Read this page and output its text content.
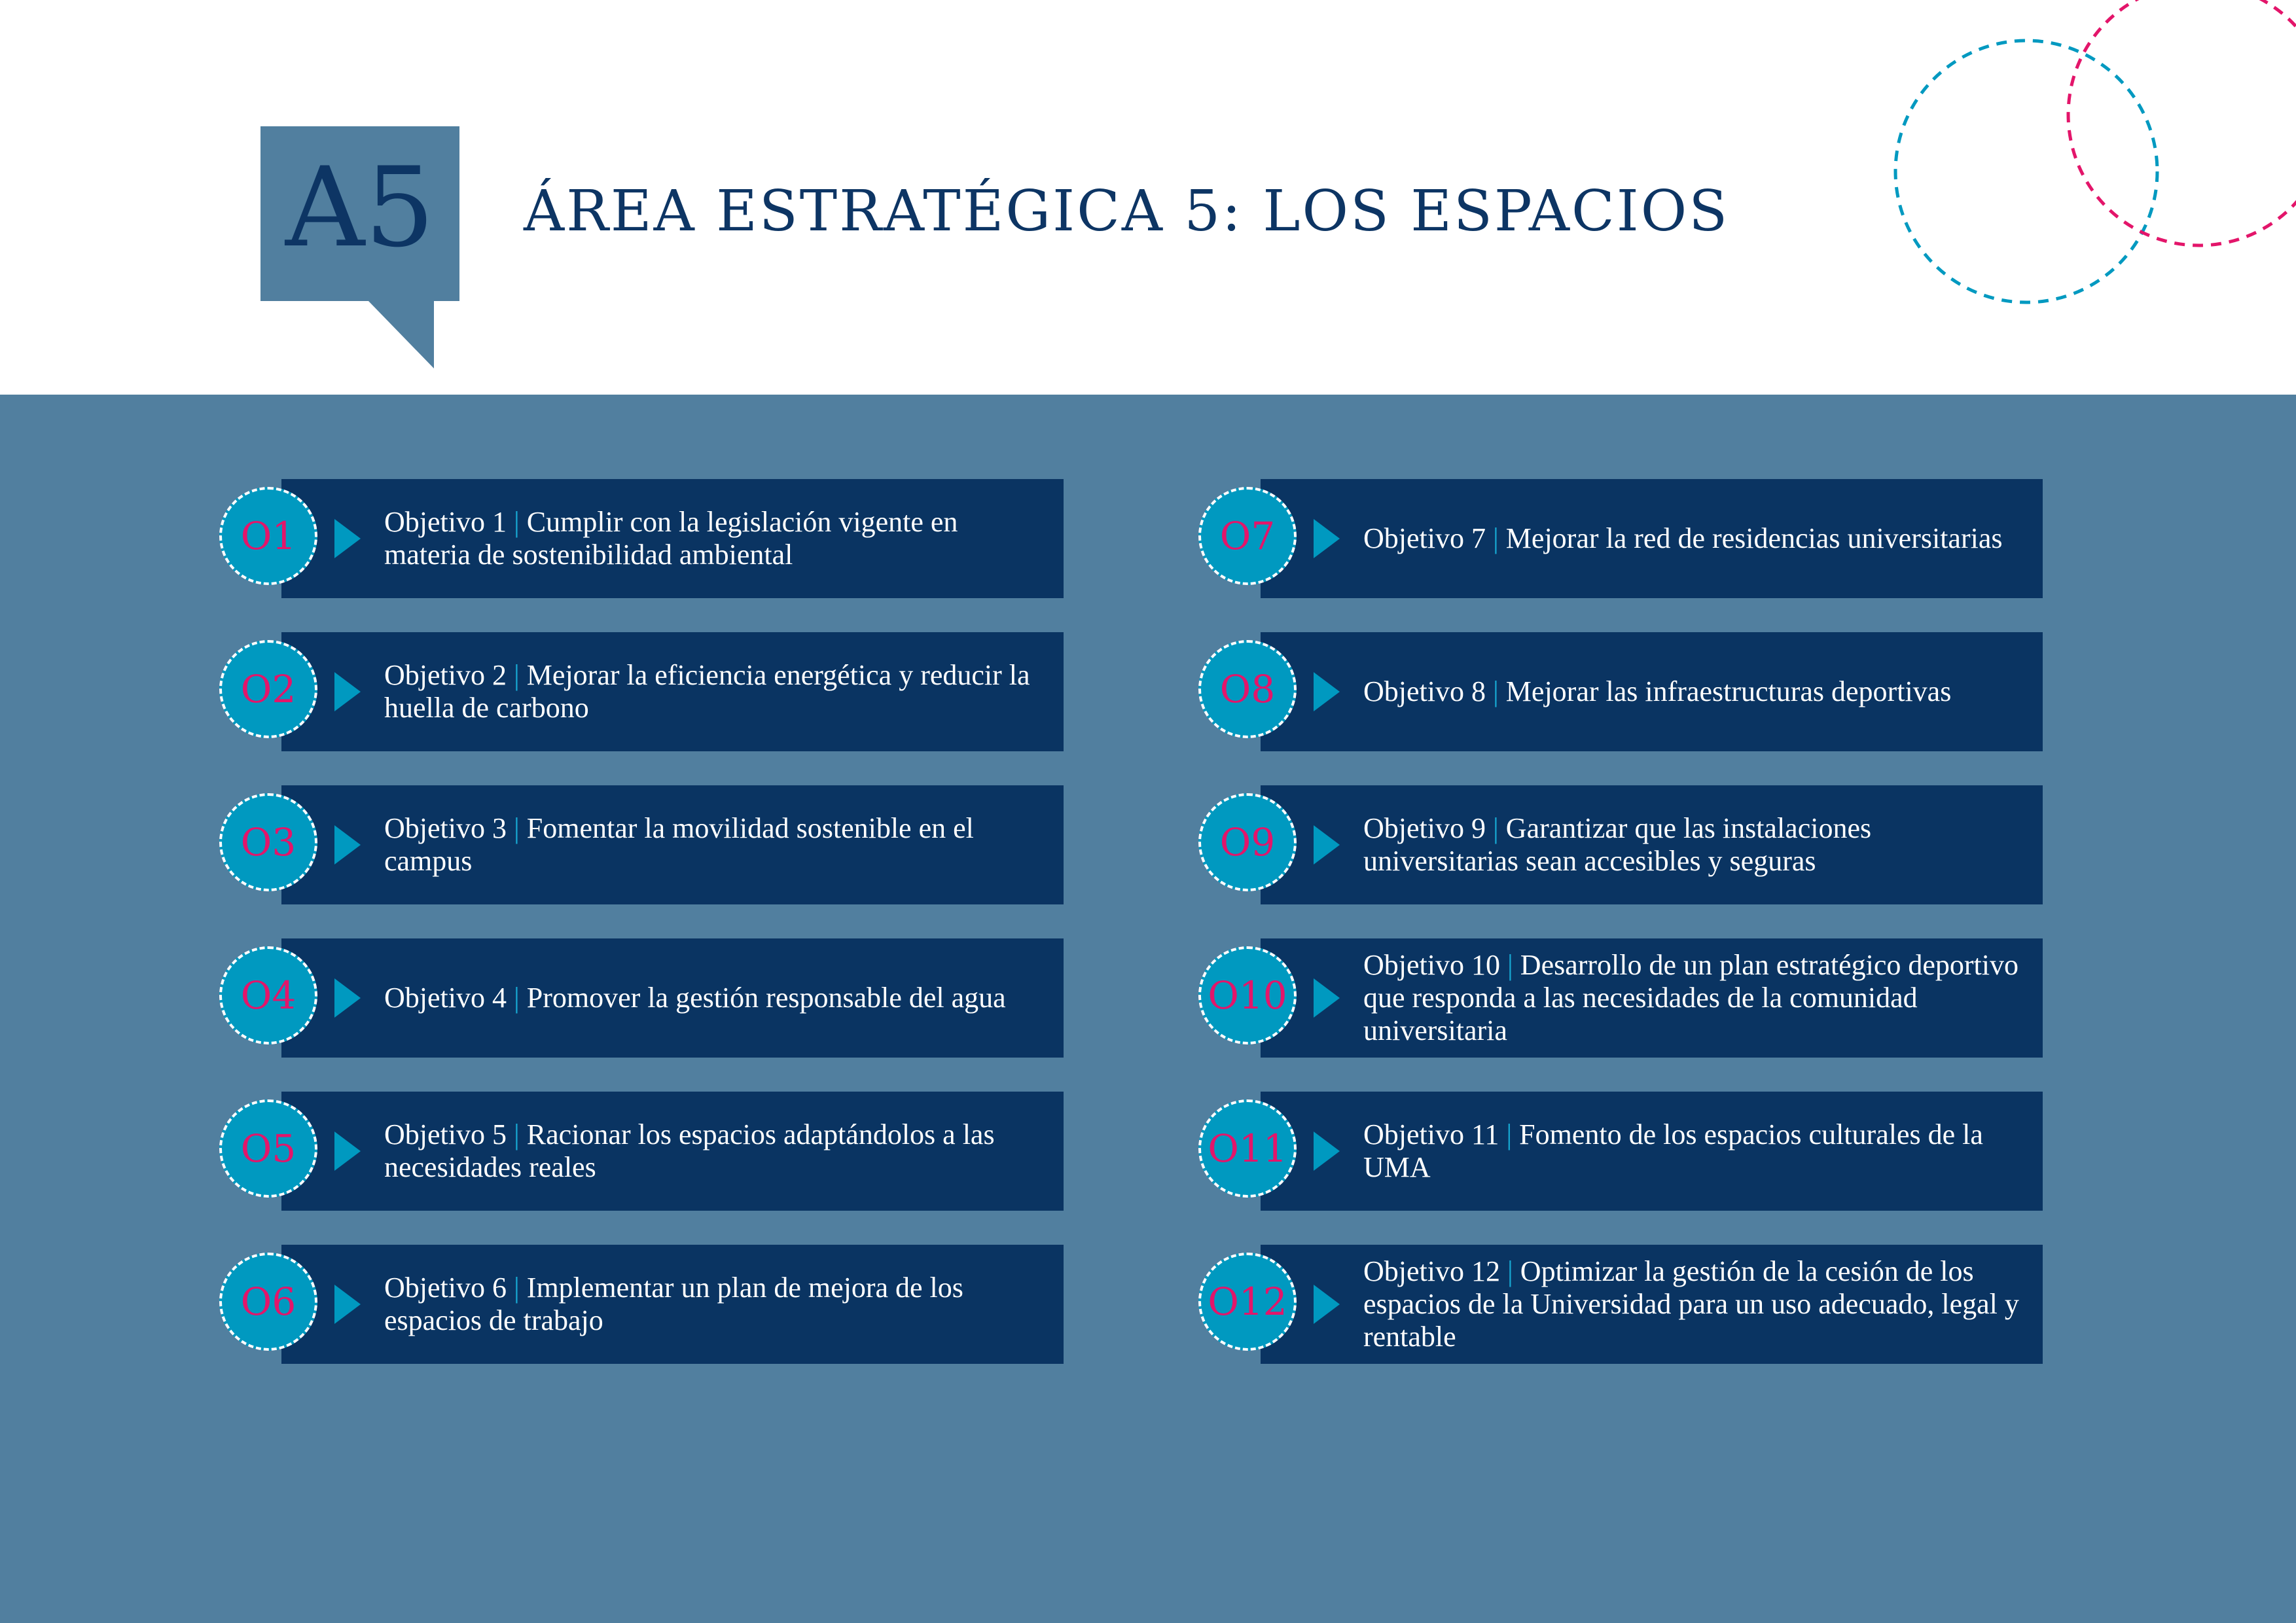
A5	ÁREA ESTRATÉGICA 5: LOS ESPACIOS
O1	Objetivo 1 | Cumplir con la legislación vigente en materia de sostenibilidad ambiental
O2	Objetivo 2 | Mejorar la eficiencia energética y reducir la huella de carbono
O3	Objetivo 3 | Fomentar la movilidad sostenible en el campus
O4	Objetivo 4 | Promover la gestión responsable del agua
O5	Objetivo 5 | Racionar los espacios adaptándolos a las necesidades reales
O6	Objetivo 6 | Implementar un plan de mejora de los espacios de trabajo
O7	Objetivo 7 | Mejorar la red de residencias universitarias
O8	Objetivo 8 | Mejorar las infraestructuras deportivas
O9	Objetivo 9 | Garantizar que las instalaciones universitarias sean accesibles y seguras
O10
Objetivo 10 | Desarrollo de un plan estratégico deportivo que responda a las necesidades de la comunidad universitaria
O11	Objetivo 11 | Fomento de los espacios culturales de la UMA
O12
Objetivo 12 | Optimizar la gestión de la cesión de los espacios de la Universidad para un uso adecuado, legal y rentable
